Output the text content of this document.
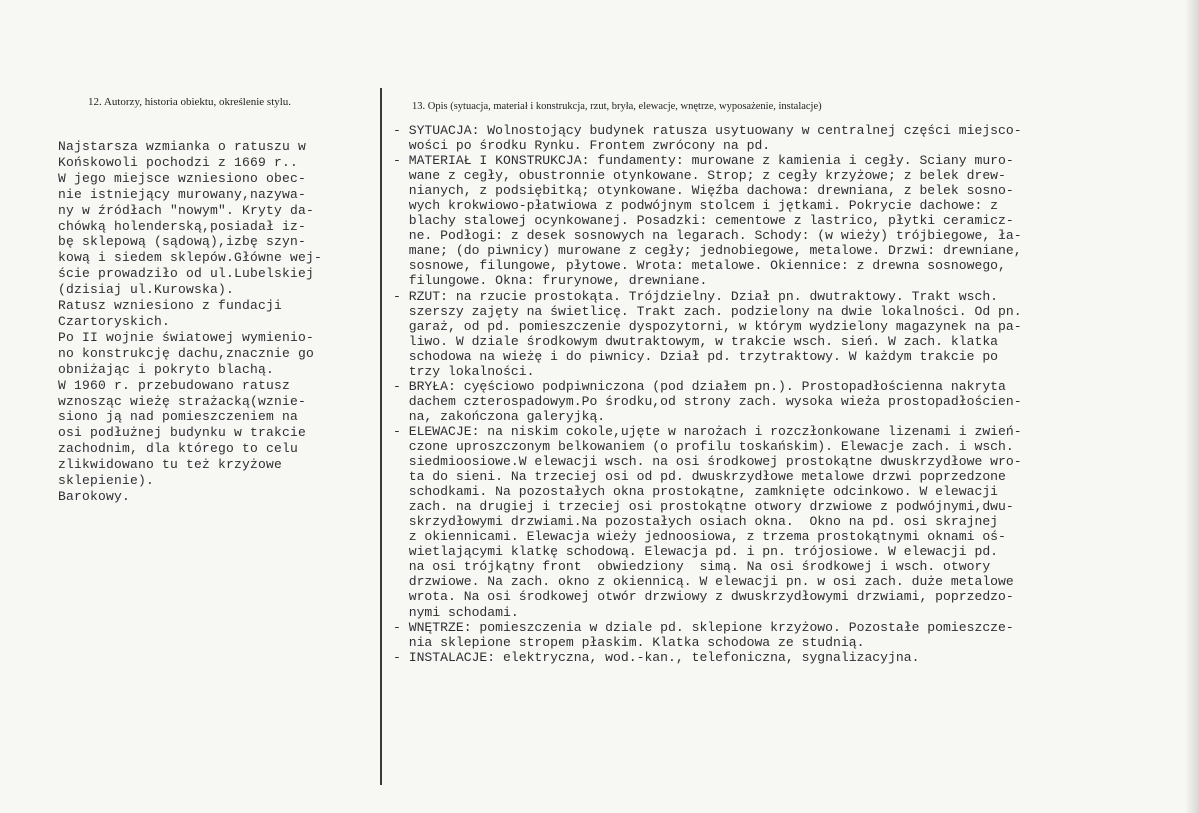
12. Autorzy, historia obiektu, określenie stylu.	13. Opis (sytuacja, materiał i konstrukcja, rzut, bryła, elewacje, wnętrze, wyposażenie, instalacje)
Najstarsza wzmianka o ratuszu w
Końskowoli pochodzi z 1669 r..
W jego miejsce wzniesiono obec-
nie istniejący murowany,nazywa-
ny w źródłach "nowym". Kryty da-
chówką holenderską,posiadał iz-
bę sklepową (sądową),izbę szyn-
kową i siedem sklepów.Główne wej-
ście prowadziło od ul.Lubelskiej
(dzisiaj ul.Kurowska).
Ratusz wzniesiono z fundacji
Czartoryskich.
Po II wojnie światowej wymienio-
no konstrukcję dachu,znacznie go
obniżając i pokryto blachą.
W 1960 r. przebudowano ratusz
wznosząc wieżę strażacką(wznie-
siono ją nad pomieszczeniem na
osi podłużnej budynku w trakcie
zachodnim, dla którego to celu
zlikwidowano tu też krzyżowe
sklepienie).
Barokowy.
- SYTUACJA: Wolnostojący budynek ratusza usytuowany w centralnej części miejsco-
wości po środku Rynku. Frontem zwrócony na pd.
- MATERIAŁ I KONSTRUKCJA: fundamenty: murowane z kamienia i cegły. Sciany muro-
wane z cegły, obustronnie otynkowane. Strop; z cegły krzyżowe; z belek drew-
nianych, z podsiębitką; otynkowane. Więźba dachowa: drewniana, z belek sosno-
wych krokwiowo-płatwiowa z podwójnym stolcem i jętkami. Pokrycie dachowe: z
blachy stalowej ocynkowanej. Posadzki: cementowe z lastrico, płytki ceramicz-
ne. Podłogi: z desek sosnowych na legarach. Schody: (w wieży) trójbiegowe, ła-
mane; (do piwnicy) murowane z cegły; jednobiegowe, metalowe. Drzwi: drewniane,
sosnowe, filungowe, płytowe. Wrota: metalowe. Okiennice: z drewna sosnowego,
filungowe. Okna: frurynowe, drewniane.
- RZUT: na rzucie prostokąta. Trójdzielny. Dział pn. dwutraktowy. Trakt wsch.
szerszy zajęty na świetlicę. Trakt zach. podzielony na dwie lokalności. Od pn.
garaż, od pd. pomieszczenie dyspozytorni, w którym wydzielony magazynek na pa-
liwo. W dziale środkowym dwutraktowym, w trakcie wsch. sień. W zach. klatka
schodowa na wieżę i do piwnicy. Dział pd. trzytraktowy. W każdym trakcie po
trzy lokalności.
- BRYŁA: cyęściowo podpiwniczona (pod działem pn.). Prostopadłościenna nakryta
dachem czterospadowym.Po środku,od strony zach. wysoka wieża prostopadłościen-
na, zakończona galeryjką.
- ELEWACJE: na niskim cokole,ujęte w narożach i rozczłonkowane lizenami i zwień-
czone uproszczonym belkowaniem (o profilu toskańskim). Elewacje zach. i wsch.
siedmioosiowe.W elewacji wsch. na osi środkowej prostokątne dwuskrzydłowe wro-
ta do sieni. Na trzeciej osi od pd. dwuskrzydłowe metalowe drzwi poprzedzone
schodkami. Na pozostałych okna prostokątne, zamknięte odcinkowo. W elewacji
zach. na drugiej i trzeciej osi prostokątne otwory drzwiowe z podwójnymi,dwu-
skrzydłowymi drzwiami.Na pozostałych osiach okna.  Okno na pd. osi skrajnej
z okiennicami. Elewacja wieży jednoosiowa, z trzema prostokątnymi oknami oś-
wietlającymi klatkę schodową. Elewacja pd. i pn. trójosiowe. W elewacji pd.
na osi trójkątny front  obwiedziony  simą. Na osi środkowej i wsch. otwory
drzwiowe. Na zach. okno z okiennicą. W elewacji pn. w osi zach. duże metalowe
wrota. Na osi środkowej otwór drzwiowy z dwuskrzydłowymi drzwiami, poprzedzo-
nymi schodami.
- WNĘTRZE: pomieszczenia w dziale pd. sklepione krzyżowo. Pozostałe pomieszcze-
nia sklepione stropem płaskim. Klatka schodowa ze studnią.
- INSTALACJE: elektryczna, wod.-kan., telefoniczna, sygnalizacyjna.
